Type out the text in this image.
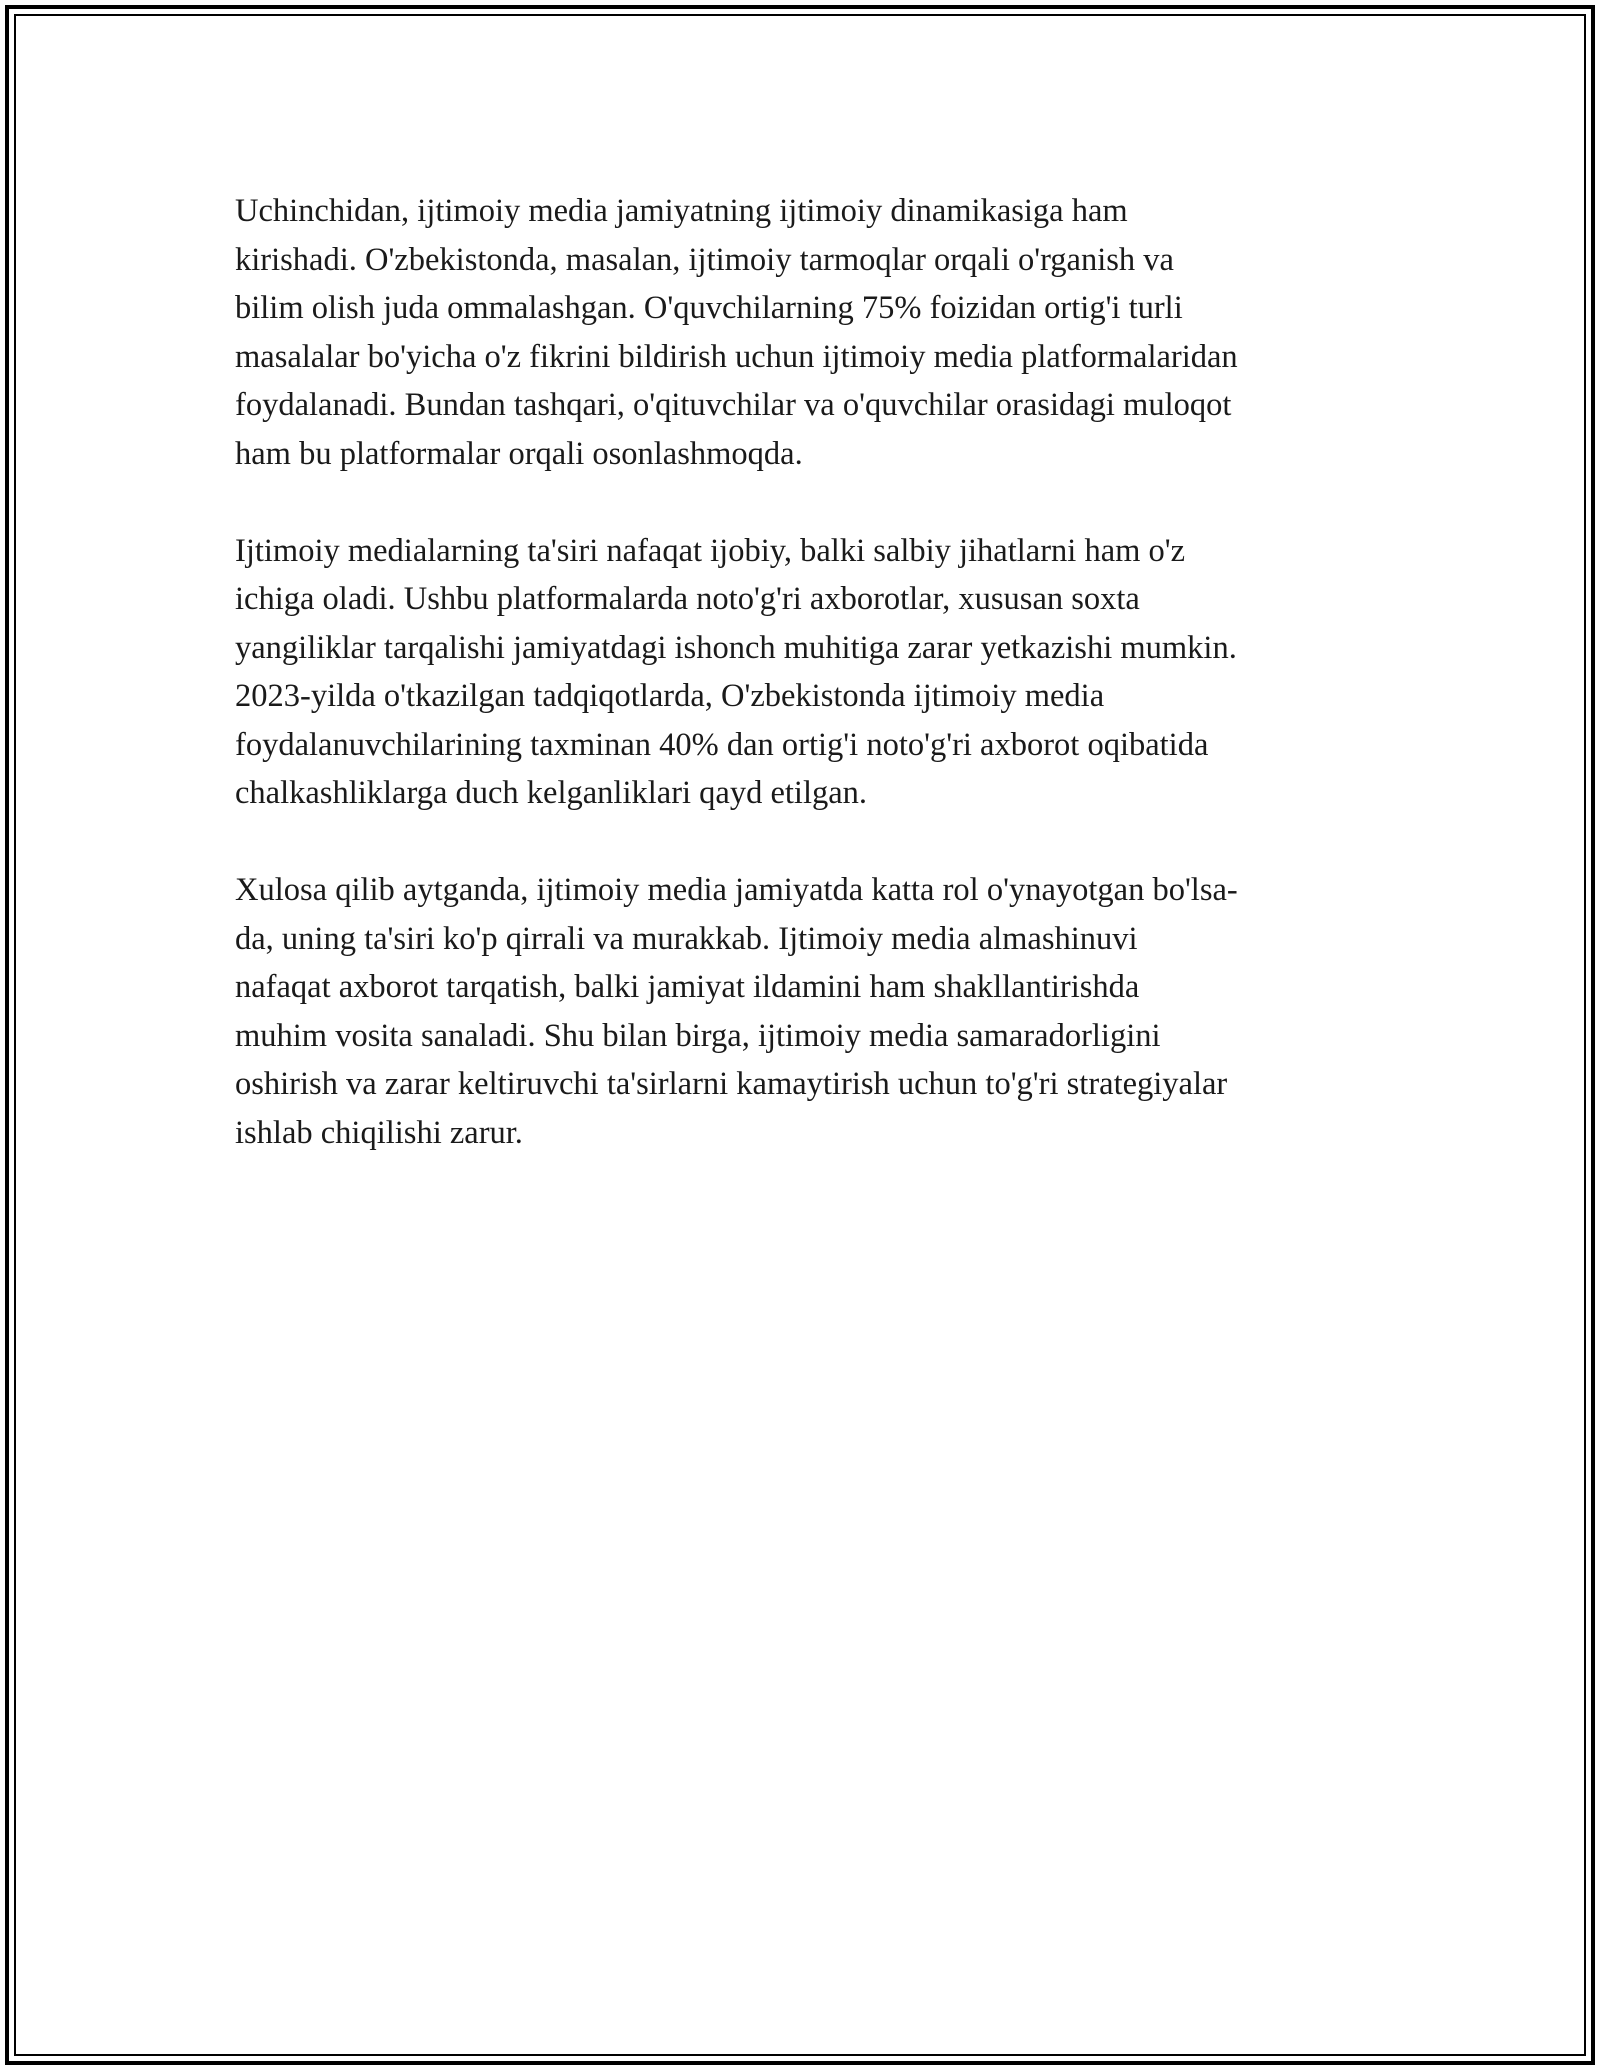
Uchinchidan, ijtimoiy media jamiyatning ijtimoiy dinamikasiga ham
kirishadi. O'zbekistonda, masalan, ijtimoiy tarmoqlar orqali o'rganish va
bilim olish juda ommalashgan. O'quvchilarning 75% foizidan ortig'i turli
masalalar bo'yicha o'z fikrini bildirish uchun ijtimoiy media platformalaridan
foydalanadi. Bundan tashqari, o'qituvchilar va o'quvchilar orasidagi muloqot
ham bu platformalar orqali osonlashmoqda.

Ijtimoiy medialarning ta'siri nafaqat ijobiy, balki salbiy jihatlarni ham o'z
ichiga oladi. Ushbu platformalarda noto'g'ri axborotlar, xususan soxta
yangiliklar tarqalishi jamiyatdagi ishonch muhitiga zarar yetkazishi mumkin.
2023-yilda o'tkazilgan tadqiqotlarda, O'zbekistonda ijtimoiy media
foydalanuvchilarining taxminan 40% dan ortig'i noto'g'ri axborot oqibatida
chalkashliklarga duch kelganliklari qayd etilgan.

Xulosa qilib aytganda, ijtimoiy media jamiyatda katta rol o'ynayotgan bo'lsa-
da, uning ta'siri ko'p qirrali va murakkab. Ijtimoiy media almashinuvi
nafaqat axborot tarqatish, balki jamiyat ildamini ham shakllantirishda
muhim vosita sanaladi. Shu bilan birga, ijtimoiy media samaradorligini
oshirish va zarar keltiruvchi ta'sirlarni kamaytirish uchun to'g'ri strategiyalar
ishlab chiqilishi zarur.
